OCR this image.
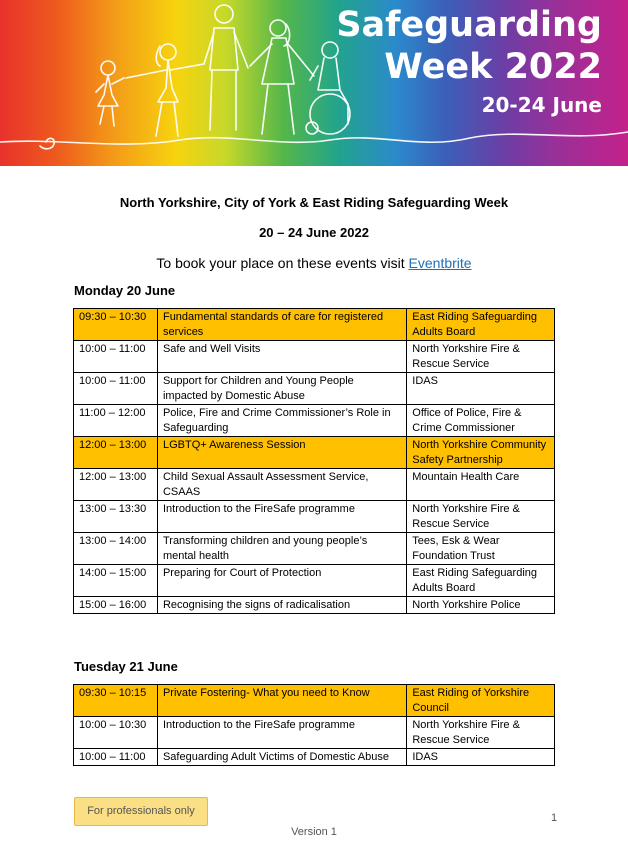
Safeguarding
Week 2022
20-24 June
North Yorkshire, City of York & East Riding Safeguarding Week
20 – 24 June 2022
To book your place on these events visit Eventbrite
Monday 20 June
09:30 – 10:30	Fundamental standards of care for registered services	East Riding Safeguarding Adults Board
10:00 – 11:00	Safe and Well Visits	North Yorkshire Fire & Rescue Service
10:00 – 11:00	Support for Children and Young People impacted by Domestic Abuse	IDAS
11:00 – 12:00	Police, Fire and Crime Commissioner’s Role in Safeguarding	Office of Police, Fire & Crime Commissioner
12:00 – 13:00	LGBTQ+ Awareness Session	North Yorkshire Community Safety Partnership
12:00 – 13:00	Child Sexual Assault Assessment Service, CSAAS	Mountain Health Care
13:00 – 13:30	Introduction to the FireSafe programme	North Yorkshire Fire & Rescue Service
13:00 – 14:00	Transforming children and young people’s mental health	Tees, Esk & Wear Foundation Trust
14:00 – 15:00	Preparing for Court of Protection	East Riding Safeguarding Adults Board
15:00 – 16:00	Recognising the signs of radicalisation	North Yorkshire Police
Tuesday 21 June
09:30 – 10:15	Private Fostering- What you need to Know	East Riding of Yorkshire Council
10:00 – 10:30	Introduction to the FireSafe programme	North Yorkshire Fire & Rescue Service
10:00 – 11:00	Safeguarding Adult Victims of Domestic Abuse	IDAS
For professionals only
1
Version 1
